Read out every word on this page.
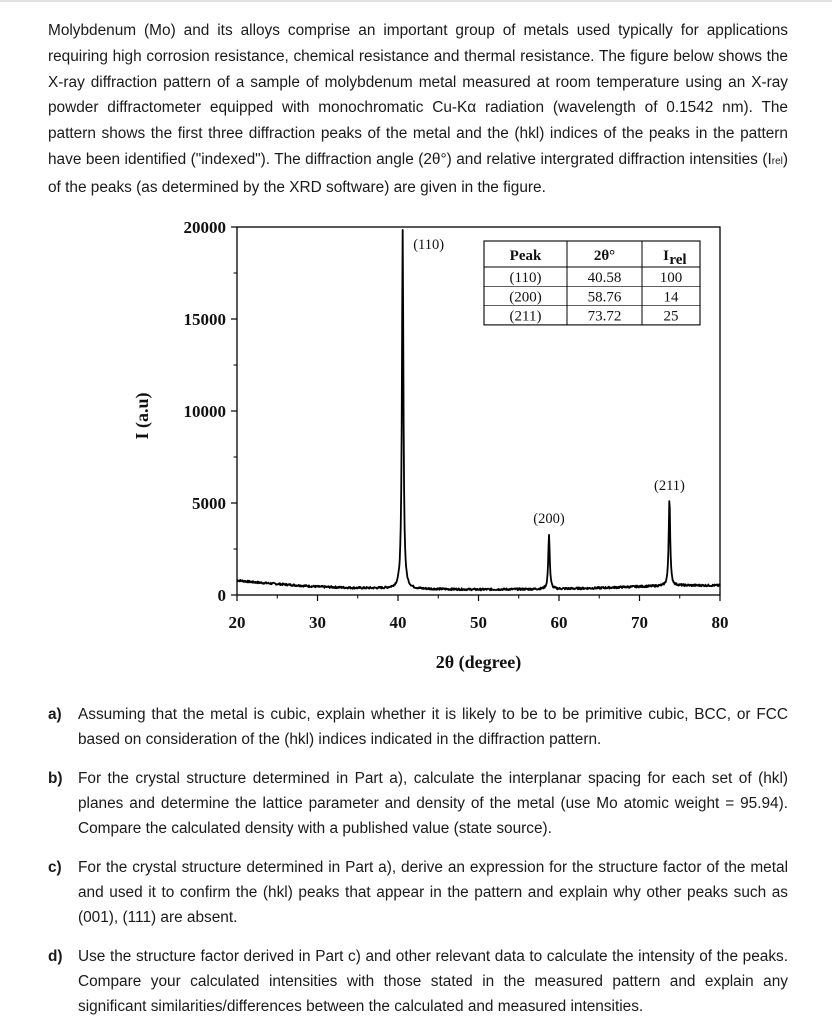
Molybdenum (Mo) and its alloys comprise an important group of metals used typically for applications requiring high corrosion resistance, chemical resistance and thermal resistance. The figure below shows the X-ray diffraction pattern of a sample of molybdenum metal measured at room temperature using an X-ray powder diffractometer equipped with monochromatic Cu-Kα radiation (wavelength of 0.1542 nm). The pattern shows the first three diffraction peaks of the metal and the (hkl) indices of the peaks in the pattern have been identified ("indexed"). The diffraction angle (2θ°) and relative intergrated diffraction intensities (Irel) of the peaks (as determined by the XRD software) are given in the figure.

20	30	40	50	60	70	80
0
5000
10000
15000
20000
(110)
(200)
(211)
Peak	2θ°	I rel
(110)	40.58	100
(200)	58.76	14
(211)	73.72	25
2θ (degree)
I (a.u)
a)	Assuming that the metal is cubic, explain whether it is likely to be to be primitive cubic, BCC, or FCC based on consideration of the (hkl) indices indicated in the diffraction pattern.
b)	For the crystal structure determined in Part a), calculate the interplanar spacing for each set of (hkl) planes and determine the lattice parameter and density of the metal (use Mo atomic weight = 95.94). Compare the calculated density with a published value (state source).
c)	For the crystal structure determined in Part a), derive an expression for the structure factor of the metal and used it to confirm the (hkl) peaks that appear in the pattern and explain why other peaks such as (001), (111) are absent.
d)	Use the structure factor derived in Part c) and other relevant data to calculate the intensity of the peaks. Compare your calculated intensities with those stated in the measured pattern and explain any significant similarities/differences between the calculated and measured intensities.
